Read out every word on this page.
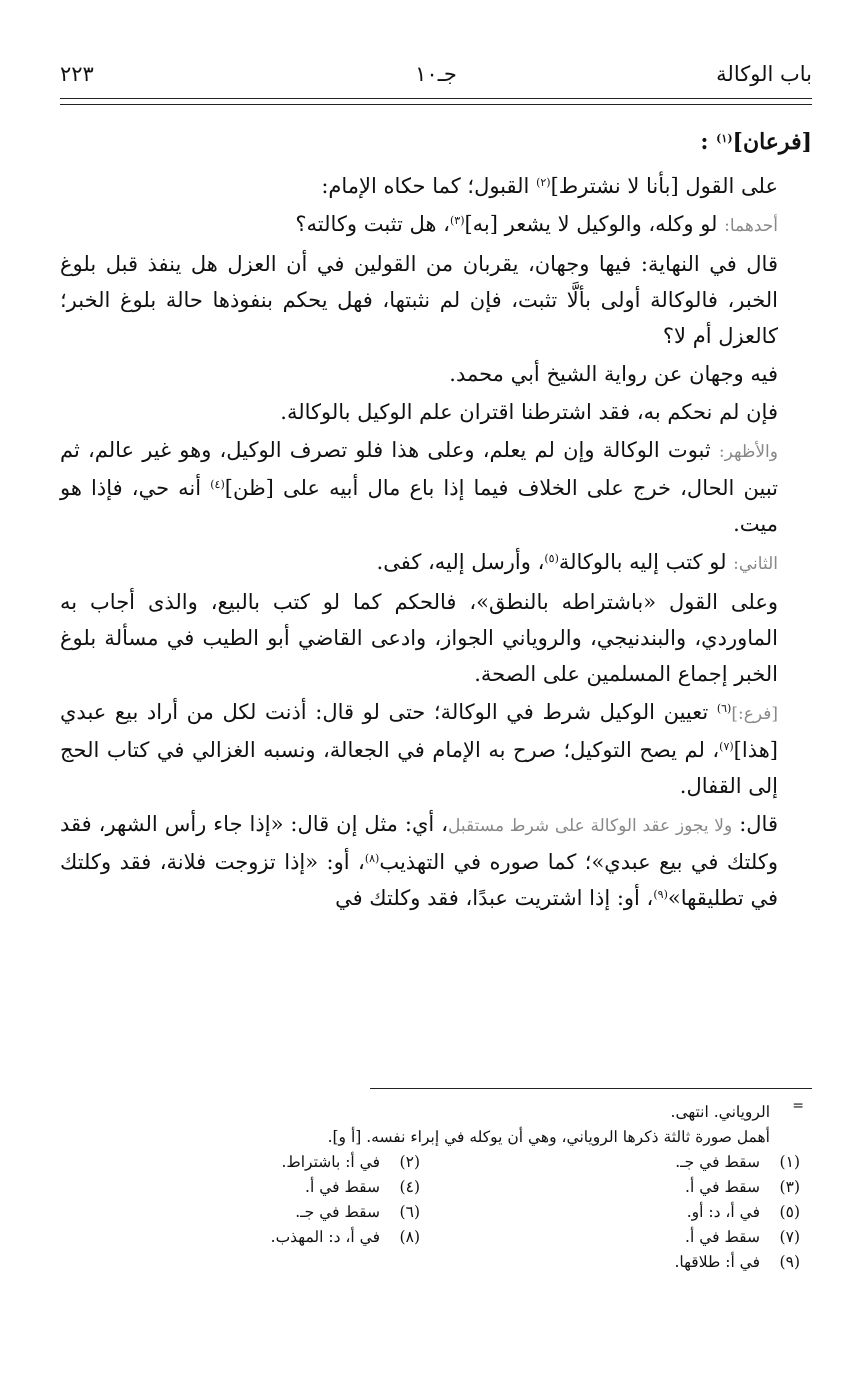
باب الوكالة
جـ١٠
٢٢٣

[فرعان]$^{(١)}$ :

على القول [بأنا لا نشترط]$^{(٢)}$ القبول؛ كما حكاه الإمام:

أحدهما: لو وكله، والوكيل لا يشعر [به]$^{(٣)}$، هل تثبت وكالته؟

قال في النهاية: فيها وجهان، يقربان من القولين في أن العزل هل ينفذ قبل بلوغ الخبر، فالوكالة أولى بألَّا تثبت، فإن لم نثبتها، فهل يحكم بنفوذها حالة بلوغ الخبر؛ كالعزل أم لا؟

فيه وجهان عن رواية الشيخ أبي محمد.

فإن لم نحكم به، فقد اشترطنا اقتران علم الوكيل بالوكالة.

والأظهر: ثبوت الوكالة وإن لم يعلم، وعلى هذا فلو تصرف الوكيل، وهو غير عالم، ثم تبين الحال، خرج على الخلاف فيما إذا باع مال أبيه على [ظن]$^{(٤)}$ أنه حي، فإذا هو ميت.

الثاني: لو كتب إليه بالوكالة$^{(٥)}$، وأرسل إليه، كفى.

وعلى القول «باشتراطه بالنطق»، فالحكم كما لو كتب بالبيع، والذى أجاب به الماوردي، والبندنيجي، والروياني الجواز، وادعى القاضي أبو الطيب في مسألة بلوغ الخبر إجماع المسلمين على الصحة.

[فرع:]$^{(٦)}$ تعيين الوكيل شرط في الوكالة؛ حتى لو قال: أذنت لكل من أراد بيع عبدي [هذا]$^{(٧)}$، لم يصح التوكيل؛ صرح به الإمام في الجعالة، ونسبه الغزالي في كتاب الحج إلى القفال.

قال: ولا يجوز عقد الوكالة على شرط مستقبل، أي: مثل إن قال: «إذا جاء رأس الشهر، فقد وكلتك في بيع عبدي»؛ كما صوره في التهذيب$^{(٨)}$، أو: «إذا تزوجت فلانة، فقد وكلتك في تطليقها»$^{(٩)}$، أو: إذا اشتريت عبدًا، فقد وكلتك في

=
الروياني. انتهى.
أهمل صورة ثالثة ذكرها الروياني، وهي أن يوكله في إبراء نفسه. [أ و].
(١)
سقط في جـ.
(٢)
في أ: باشتراط.
(٣)
سقط في أ.
(٤)
سقط في أ.
(٥)
في أ، د: أو.
(٦)
سقط في جـ.
(٧)
سقط في أ.
(٨)
في أ، د: المهذب.
(٩)
في أ: طلاقها.
